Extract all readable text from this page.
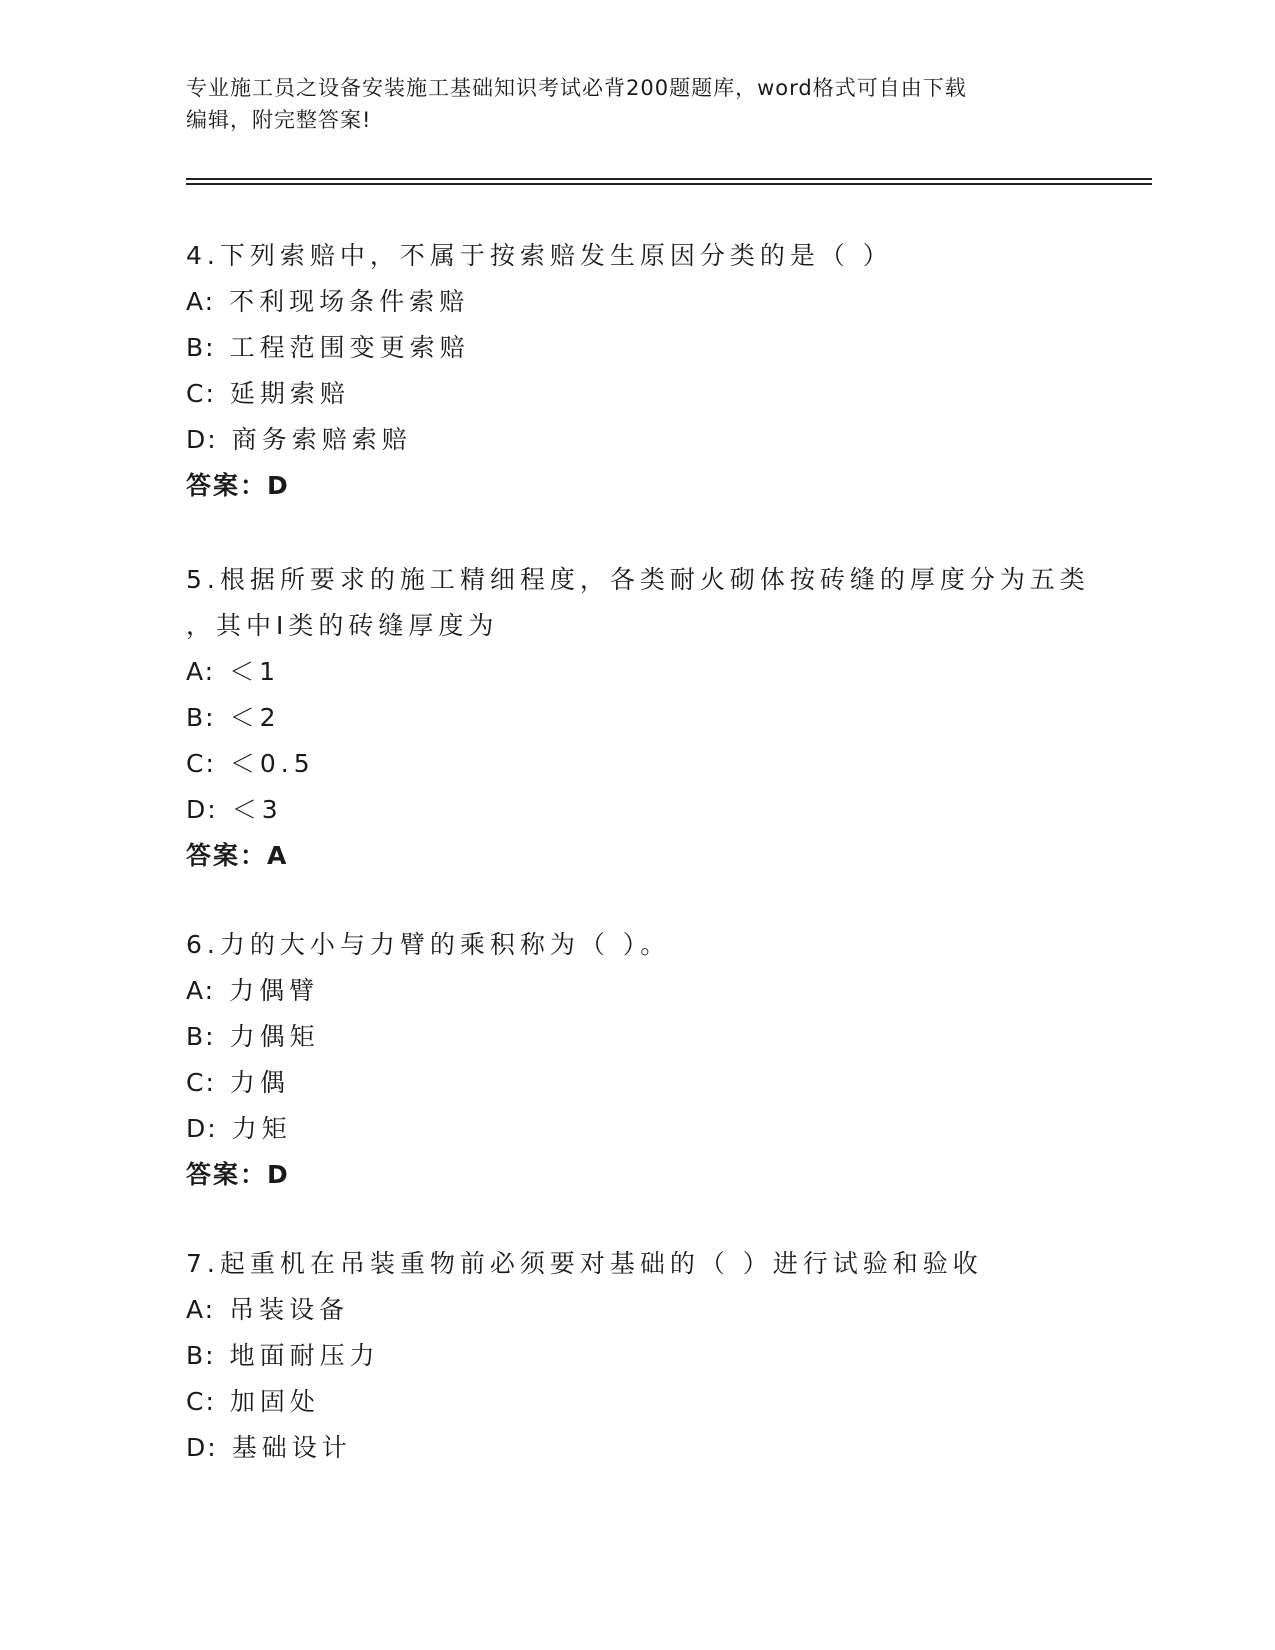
专业施工员之设备安装施工基础知识考试必背200题题库，word格式可自由下载
编辑，附完整答案!
4.下列索赔中，不属于按索赔发生原因分类的是（ ）
A: 不利现场条件索赔
B: 工程范围变更索赔
C: 延期索赔
D: 商务索赔索赔
答案：D
5.根据所要求的施工精细程度，各类耐火砌体按砖缝的厚度分为五类
，其中Ⅰ类的砖缝厚度为
A: ＜1
B: ＜2
C: ＜0.5
D: ＜3
答案：A
6.力的大小与力臂的乘积称为（ ）。
A: 力偶臂
B: 力偶矩
C: 力偶
D: 力矩
答案：D
7.起重机在吊装重物前必须要对基础的（ ）进行试验和验收
A: 吊装设备
B: 地面耐压力
C: 加固处
D: 基础设计
